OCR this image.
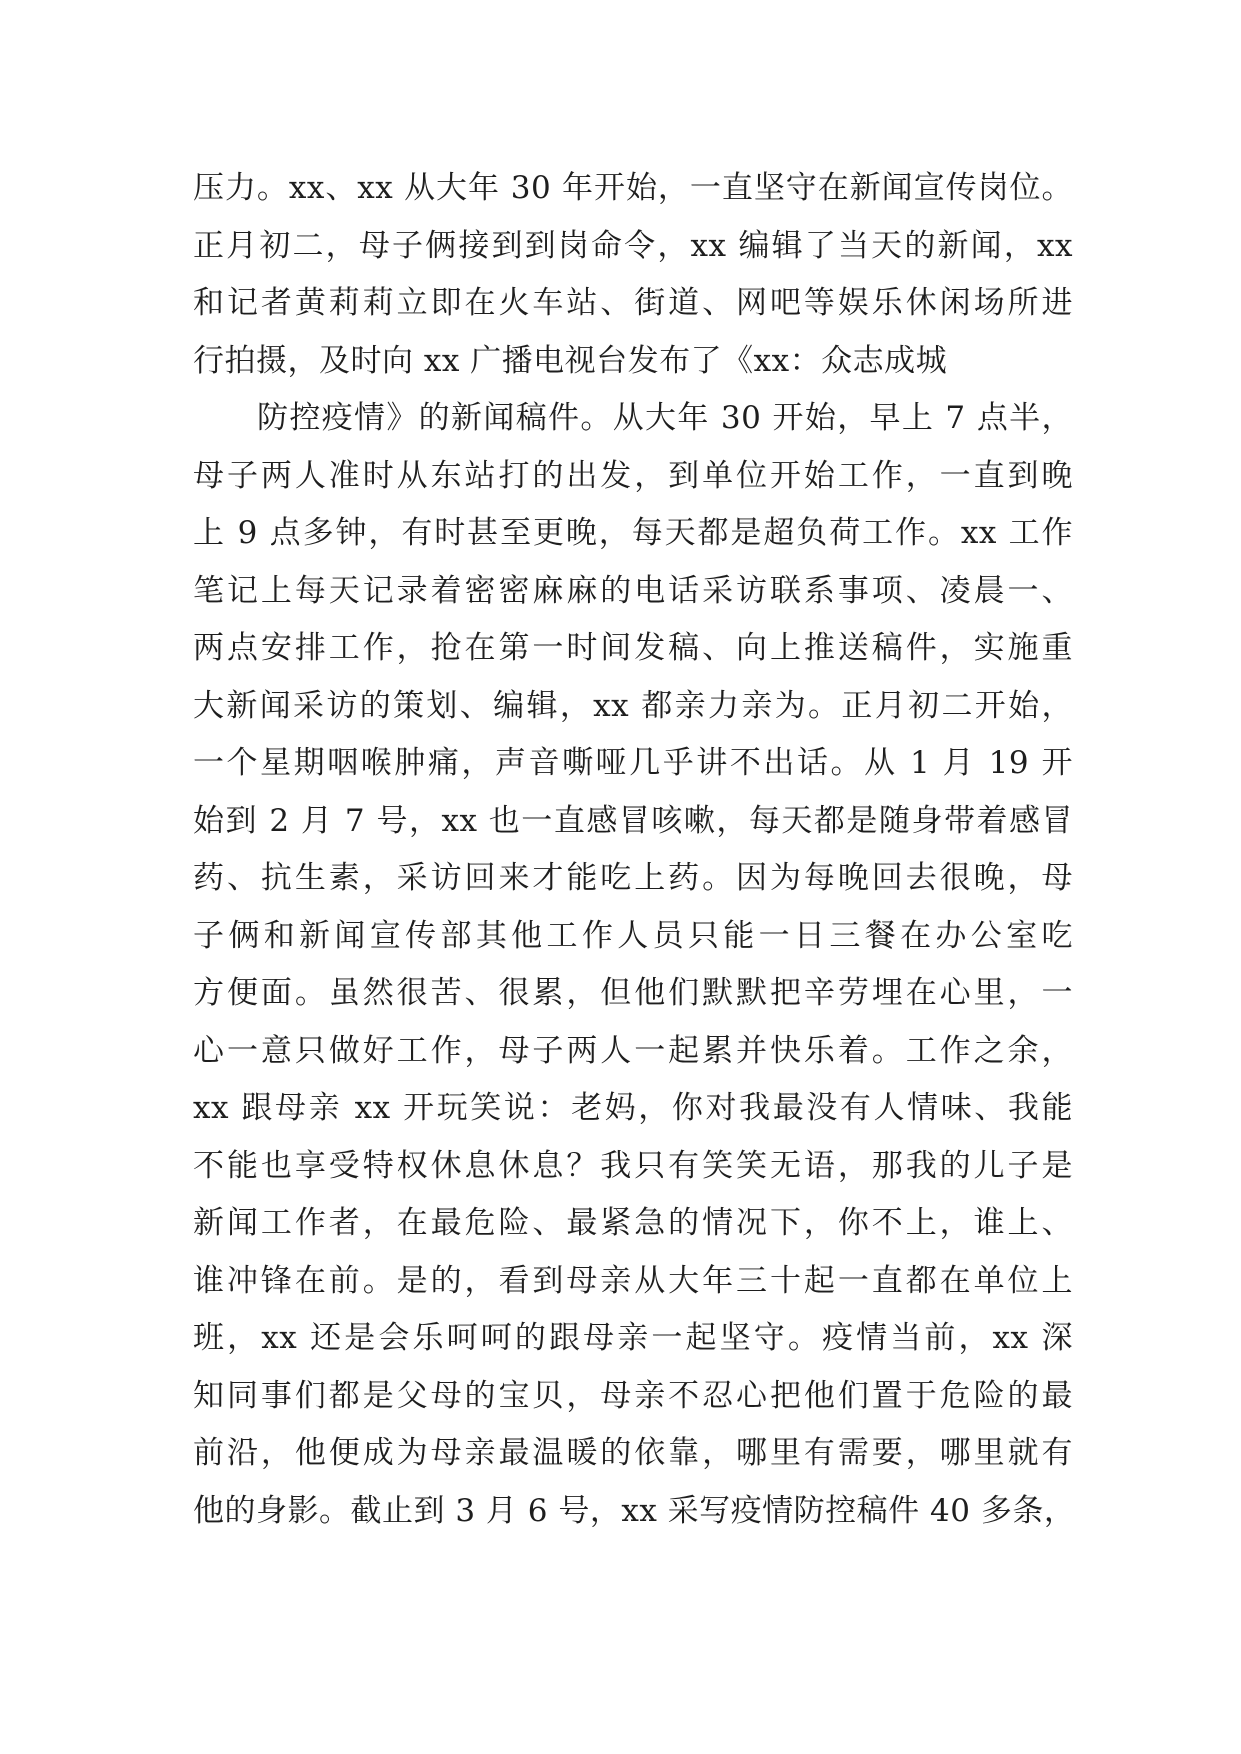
压力。xx、xx 从大年 30 年开始，一直坚守在新闻宣传岗位。
正月初二，母子俩接到到岗命令，xx 编辑了当天的新闻，xx
和记者黄莉莉立即在火车站、街道、网吧等娱乐休闲场所进
行拍摄，及时向 xx 广播电视台发布了《xx：众志成城
防控疫情》的新闻稿件。从大年 30 开始，早上 7 点半，
母子两人准时从东站打的出发，到单位开始工作，一直到晚
上 9 点多钟，有时甚至更晚，每天都是超负荷工作。xx 工作
笔记上每天记录着密密麻麻的电话采访联系事项、凌晨一、
两点安排工作，抢在第一时间发稿、向上推送稿件，实施重
大新闻采访的策划、编辑，xx 都亲力亲为。正月初二开始，
一个星期咽喉肿痛，声音嘶哑几乎讲不出话。从 1 月 19 开
始到 2 月 7 号，xx 也一直感冒咳嗽，每天都是随身带着感冒
药、抗生素，采访回来才能吃上药。因为每晚回去很晚，母
子俩和新闻宣传部其他工作人员只能一日三餐在办公室吃
方便面。虽然很苦、很累，但他们默默把辛劳埋在心里，一
心一意只做好工作，母子两人一起累并快乐着。工作之余，
xx 跟母亲 xx 开玩笑说：老妈，你对我最没有人情味、我能
不能也享受特权休息休息？我只有笑笑无语，那我的儿子是
新闻工作者，在最危险、最紧急的情况下，你不上，谁上、
谁冲锋在前。是的，看到母亲从大年三十起一直都在单位上
班，xx 还是会乐呵呵的跟母亲一起坚守。疫情当前，xx 深
知同事们都是父母的宝贝，母亲不忍心把他们置于危险的最
前沿，他便成为母亲最温暖的依靠，哪里有需要，哪里就有
他的身影。截止到 3 月 6 号，xx 采写疫情防控稿件 40 多条，
